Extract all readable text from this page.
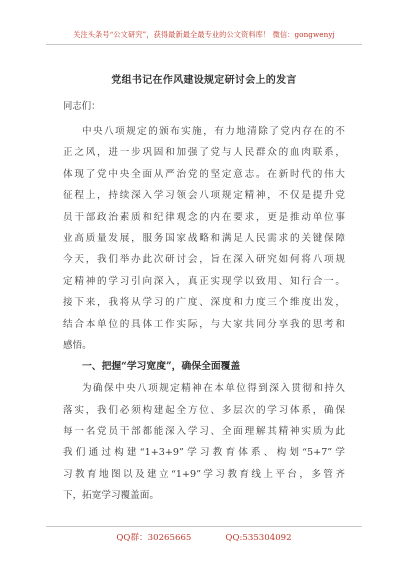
关注头条号“公文研究”，获得最新最全最专业的公文资料库！ 微信：gongwenyj
党组书记在作风建设规定研讨会上的发言
同志们：
中央八项规定的颁布实施，有力地清除了党内存在的不
正之风，进一步巩固和加强了党与人民群众的血肉联系，
体现了党中央全面从严治党的坚定意志。在新时代的伟大
征程上，持续深入学习领会八项规定精神，不仅是提升党
员干部政治素质和纪律观念的内在要求，更是推动单位事
业高质量发展，服务国家战略和满足人民需求的关键保障
今天，我们举办此次研讨会，旨在深入研究如何将八项规
定精神的学习引向深入，真正实现学以致用、知行合一。
接下来，我将从学习的广度、深度和力度三个维度出发，
结合本单位的具体工作实际，与大家共同分享我的思考和
感悟。
一、把握“学习宽度”，确保全面覆盖
为确保中央八项规定精神在本单位得到深入贯彻和持久
落实，我们必须构建起全方位、多层次的学习体系，确保
每一名党员干部都能深入学习、全面理解其精神实质为此
我们通过构建“1+3+9”学习教育体系、构划“5+7”学
习教育地图以及建立“1+9”学习教育线上平台，多管齐
下，拓宽学习覆盖面。
QQ群：30265665	QQ:535304092
